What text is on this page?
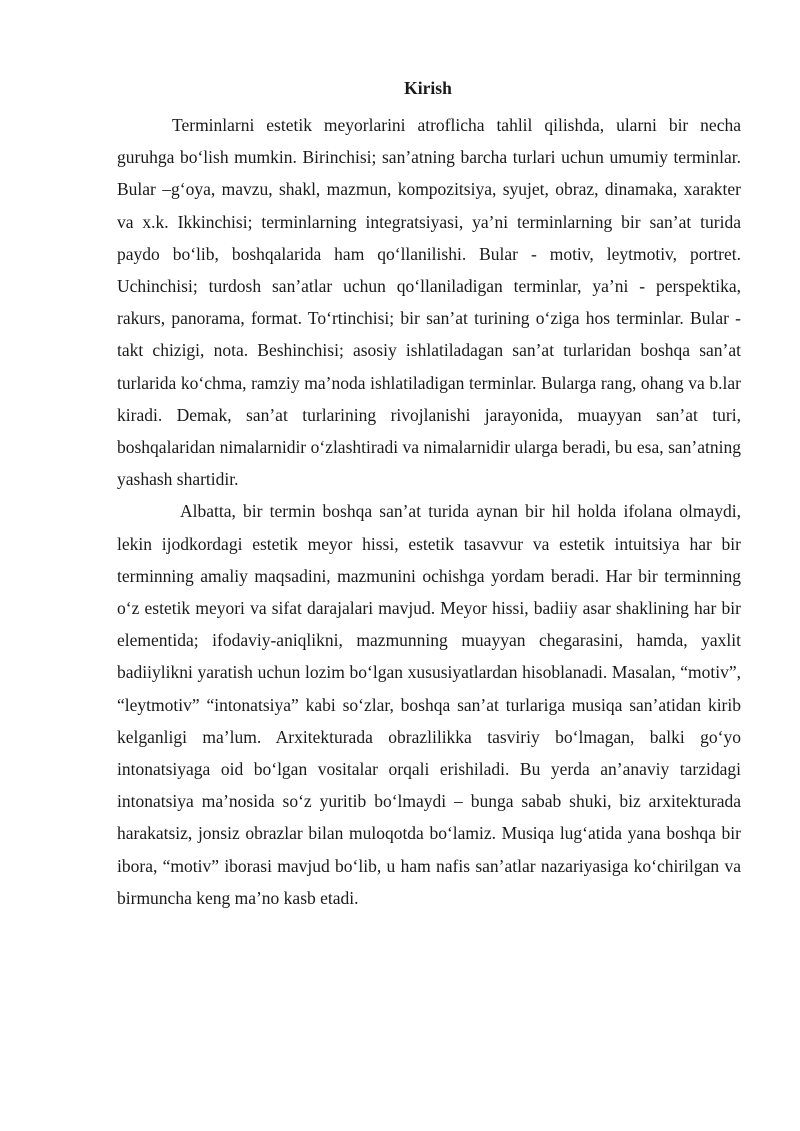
Kirish

Terminlarni estetik meyorlarini atroflicha tahlil qilishda, ularni bir necha guruhga bo‘lish mumkin. Birinchisi; san’atning barcha turlari uchun umumiy terminlar. Bular –g‘oya, mavzu, shakl, mazmun, kompozitsiya, syujet, obraz, dinamaka, xarakter va x.k. Ikkinchisi; terminlarning integratsiyasi, ya’ni terminlarning bir san’at turida paydo bo‘lib, boshqalarida ham qo‘llanilishi. Bular - motiv, leytmotiv, portret. Uchinchisi; turdosh san’atlar uchun qo‘llaniladigan terminlar, ya’ni - perspektika, rakurs, panorama, format. To‘rtinchisi; bir san’at turining o‘ziga hos terminlar. Bular - takt chizigi, nota. Beshinchisi; asosiy ishlatiladagan san’at turlaridan boshqa san’at turlarida ko‘chma, ramziy ma’noda ishlatiladigan terminlar. Bularga rang, ohang va b.lar kiradi. Demak, san’at turlarining rivojlanishi jarayonida, muayyan san’at turi, boshqalaridan nimalarnidir o‘zlashtiradi va nimalarnidir ularga beradi, bu esa, san’atning yashash shartidir.

Albatta, bir termin boshqa san’at turida aynan bir hil holda ifolana olmaydi, lekin ijodkordagi estetik meyor hissi, estetik tasavvur va estetik intuitsiya har bir terminning amaliy maqsadini, mazmunini ochishga yordam beradi. Har bir terminning o‘z estetik meyori va sifat darajalari mavjud. Meyor hissi, badiiy asar shaklining har bir elementida; ifodaviy-aniqlikni, mazmunning muayyan chegarasini, hamda, yaxlit badiiylikni yaratish uchun lozim bo‘lgan xususiyatlardan hisoblanadi. Masalan, “motiv”, “leytmotiv” “intonatsiya” kabi so‘zlar, boshqa san’at turlariga musiqa san’atidan kirib kelganligi ma’lum. Arxitekturada obrazlilikka tasviriy bo‘lmagan, balki go‘yo intonatsiyaga oid bo‘lgan vositalar orqali erishiladi. Bu yerda an’anaviy tarzidagi intonatsiya ma’nosida so‘z yuritib bo‘lmaydi – bunga sabab shuki, biz arxitekturada harakatsiz, jonsiz obrazlar bilan muloqotda bo‘lamiz. Musiqa lug‘atida yana boshqa bir ibora, “motiv” iborasi mavjud bo‘lib, u ham nafis san’atlar nazariyasiga ko‘chirilgan va birmuncha keng ma’no kasb etadi.
